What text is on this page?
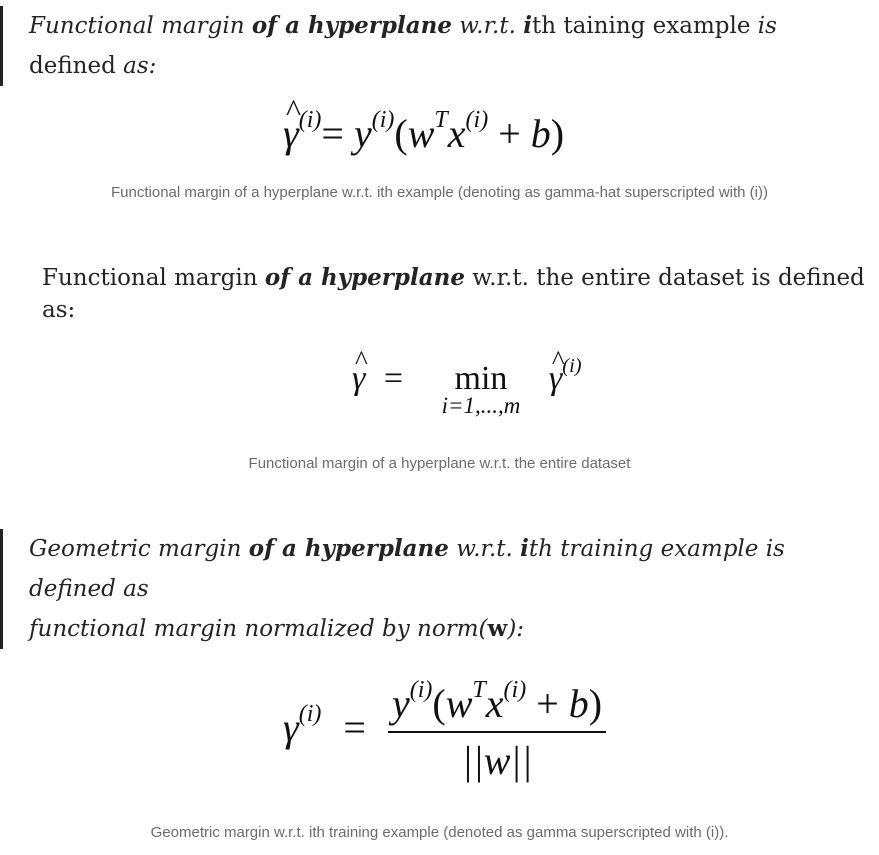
Functional margin of a hyperplane w.r.t. ith taining example is defined as:
^ $\gamma^{(i)}= y^{(i)}(w^Tx^{(i)} + b)$
Functional margin of a hyperplane w.r.t. ith example (denoting as gamma-hat superscripted with (i))
Functional margin of a hyperplane w.r.t. the entire dataset is defined as:
^ γ =	min
i=1,...,m
^ $\gamma^{(i)}$
Functional margin of a hyperplane w.r.t. the entire dataset
Geometric margin of a hyperplane w.r.t. ith training example is defined as
functional margin normalized by norm(w):
$\gamma^{(i)} = \frac{y^{(i)}(w^Tx^{(i)} + b)}{||w||}$
Geometric margin w.r.t. ith training example (denoted as gamma superscripted with (i)).
